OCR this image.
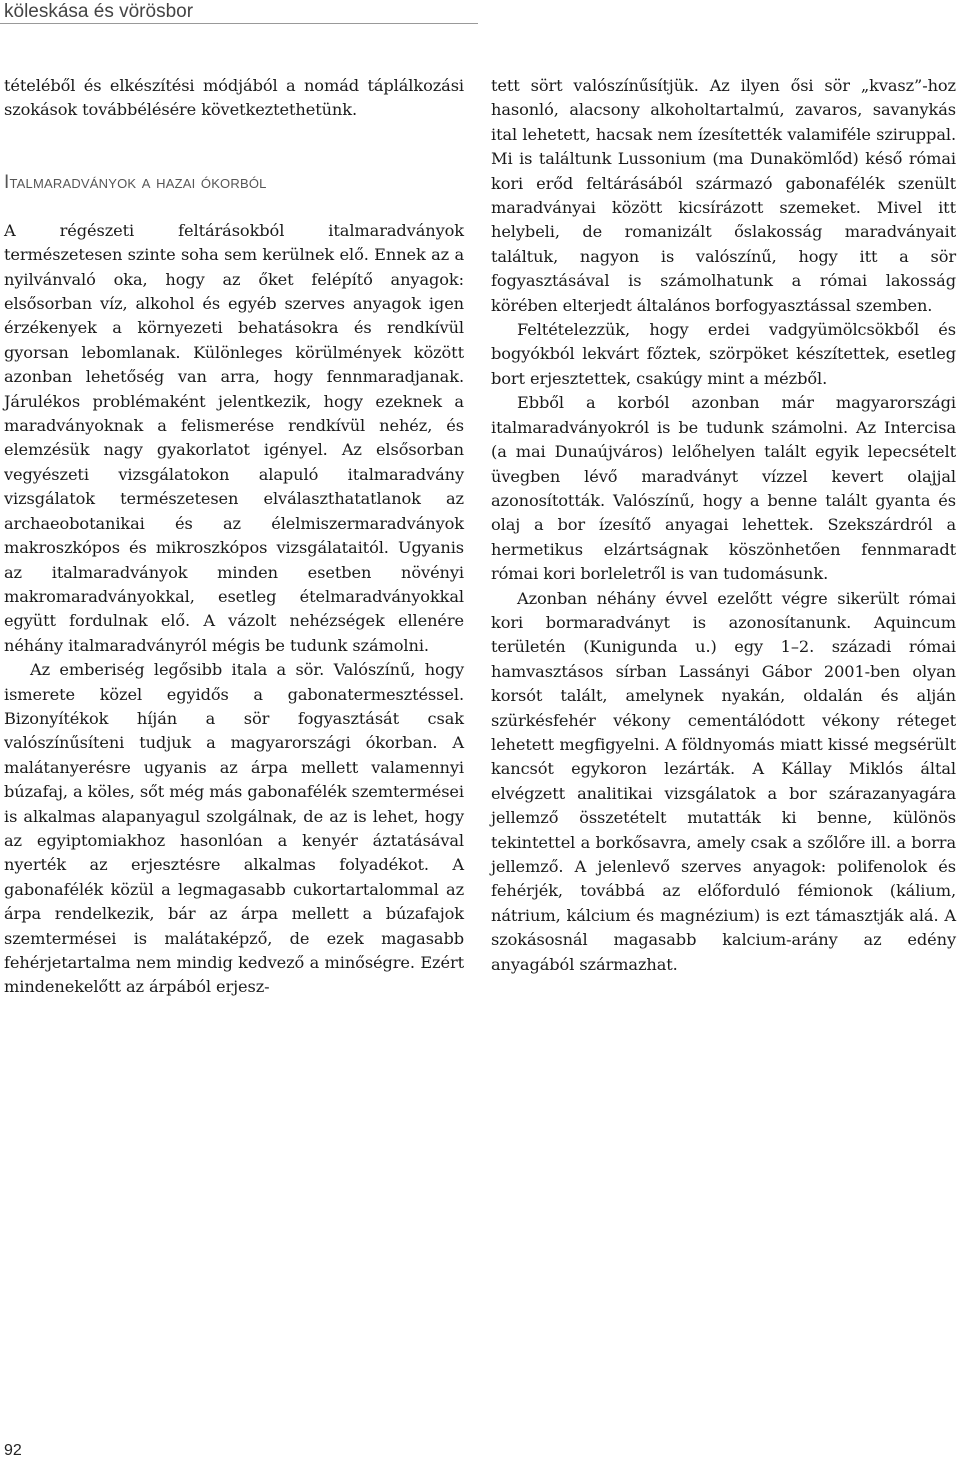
köleskása és vörösbor

tételéből és elkészítési módjából a nomád táplálkozási szokások továbbélésére következtethetünk.

Italmaradványok a hazai ókorból

A régészeti feltárásokból italmaradványok természetesen szinte soha sem kerülnek elő. Ennek az a nyilvánvaló oka, hogy az őket felépítő anyagok: elsősorban víz, alkohol és egyéb szerves anyagok igen érzékenyek a környezeti behatásokra és rendkívül gyorsan lebomlanak. Különleges körülmények között azonban lehetőség van arra, hogy fennmaradjanak. Járulékos problémaként jelentkezik, hogy ezeknek a maradványoknak a felismerése rendkívül nehéz, és elemzésük nagy gyakorlatot igényel. Az elsősorban vegyészeti vizsgálatokon alapuló italmaradvány vizsgálatok természetesen elválaszthatatlanok az archaeobotanikai és az élelmiszermaradványok makroszkópos és mikroszkópos vizsgálataitól. Ugyanis az italmaradványok minden esetben növényi makromaradványokkal, esetleg ételmaradványokkal együtt fordulnak elő. A vázolt nehézségek ellenére néhány italmaradványról mégis be tudunk számolni.

Az emberiség legősibb itala a sör. Valószínű, hogy ismerete közel egyidős a gabonatermesztéssel. Bizonyítékok híján a sör fogyasztását csak valószínűsíteni tudjuk a magyarországi ókorban. A malátanyerésre ugyanis az árpa mellett valamennyi búzafaj, a köles, sőt még más gabonafélék szemtermései is alkalmas alapanyagul szolgálnak, de az is lehet, hogy az egyiptomiakhoz hasonlóan a kenyér áztatásával nyerték az erjesztésre alkalmas folyadékot. A gabonafélék közül a legmagasabb cukortartalommal az árpa rendelkezik, bár az árpa mellett a búzafajok szemtermései is malátaképző, de ezek magasabb fehérjetartalma nem mindig kedvező a minőségre. Ezért mindenekelőtt az árpából erjesz-

tett sört valószínűsítjük. Az ilyen ősi sör „kvasz”-hoz hasonló, alacsony alkoholtartalmú, zavaros, savanykás ital lehetett, hacsak nem ízesítették valamiféle sziruppal. Mi is találtunk Lussonium (ma Dunakömlőd) késő római kori erőd feltárásából származó gabonafélék szenült maradványai között kicsírázott szemeket. Mivel itt helybeli, de romanizált őslakosság maradványait találtuk, nagyon is valószínű, hogy itt a sör fogyasztásával is számolhatunk a római lakosság körében elterjedt általános borfogyasztással szemben.

Feltételezzük, hogy erdei vadgyümölcsökből és bogyókból lekvárt főztek, szörpöket készítettek, esetleg bort erjesztettek, csakúgy mint a mézből.

Ebből a korból azonban már magyarországi italmaradványokról is be tudunk számolni. Az Intercisa (a mai Dunaújváros) lelőhelyen talált egyik lepecsételt üvegben lévő maradványt vízzel kevert olajjal azonosították. Valószínű, hogy a benne talált gyanta és olaj a bor ízesítő anyagai lehettek. Szekszárdról a hermetikus elzártságnak köszönhetően fennmaradt római kori borleletről is van tudomásunk.

Azonban néhány évvel ezelőtt végre sikerült római kori bormaradványt is azonosítanunk. Aquincum területén (Kunigunda u.) egy 1–2. századi római hamvasztásos sírban Lassányi Gábor 2001-ben olyan korsót talált, amelynek nyakán, oldalán és alján szürkésfehér vékony cementálódott vékony réteget lehetett megfigyelni. A földnyomás miatt kissé megsérült kancsót egykoron lezárták. A Kállay Miklós által elvégzett analitikai vizsgálatok a bor szárazanyagára jellemző összetételt mutatták ki benne, különös tekintettel a borkősavra, amely csak a szőlőre ill. a borra jellemző. A jelenlevő szerves anyagok: polifenolok és fehérjék, továbbá az előforduló fémionok (kálium, nátrium, kálcium és magnézium) is ezt támasztják alá. A szokásosnál magasabb kalcium-arány az edény anyagából származhat.

92
